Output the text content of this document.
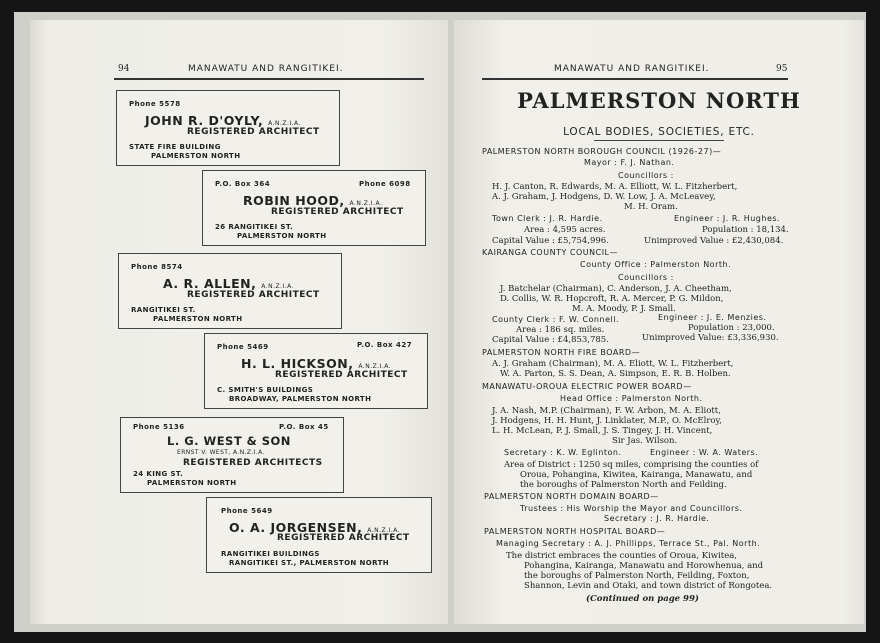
94	MANAWATU AND RANGITIKEI.
Phone 5578
JOHN R. D'OYLY, A.N.Z.I.A.
REGISTERED ARCHITECT
STATE FIRE BUILDING
PALMERSTON NORTH
P.O. Box 364	Phone 6098
ROBIN HOOD, A.N.Z.I.A.
REGISTERED ARCHITECT
26 RANGITIKEI ST.
PALMERSTON NORTH
Phone 8574
A. R. ALLEN, A.N.Z.I.A.
REGISTERED ARCHITECT
RANGITIKEI ST.
PALMERSTON NORTH
Phone 5469	P.O. Box 427
H. L. HICKSON, A.N.Z.I.A.
REGISTERED ARCHITECT
C. SMITH'S BUILDINGS
BROADWAY, PALMERSTON NORTH
Phone 5136	P.O. Box 45
L. G. WEST & SON
ERNST V. WEST, A.N.Z.I.A.
REGISTERED ARCHITECTS
24 KING ST.
PALMERSTON NORTH
Phone 5649
O. A. JORGENSEN, A.N.Z.I.A.
REGISTERED ARCHITECT
RANGITIKEI BUILDINGS
RANGITIKEI ST., PALMERSTON NORTH
MANAWATU AND RANGITIKEI.	95
PALMERSTON NORTH
LOCAL BODIES, SOCIETIES, ETC.
PALMERSTON NORTH BOROUGH COUNCIL (1926-27)—
Mayor : F. J. Nathan.
Councillors :
H. J. Canton, R. Edwards, M. A. Elliott, W. L. Fitzherbert,
A. J. Graham, J. Hodgens, D. W. Low, J. A. McLeavey,
M. H. Oram.
Town Clerk : J. R. Hardie.	Engineer : J. R. Hughes.
Area : 4,595 acres.	Population : 18,134.
Capital Value : £5,754,996.	Unimproved Value : £2,430,084.
KAIRANGA COUNTY COUNCIL—
County Office : Palmerston North.
Councillors :
J. Batchelar (Chairman), C. Anderson, J. A. Cheetham,
D. Collis, W. R. Hopcroft, R. A. Mercer, P. G. Mildon,
M. A. Moody, P. J. Small.
County Clerk : F. W. Connell.	Engineer : J. E. Menzies.
Area : 186 sq. miles.	Population : 23,000.
Capital Value : £4,853,785.	Unimproved Value: £3,336,930.
PALMERSTON NORTH FIRE BOARD—
A. J. Graham (Chairman), M. A. Eliott, W. L. Fitzherbert,
W. A. Parton, S. S. Dean, A. Simpson, E. R. B. Holben.
MANAWATU-OROUA ELECTRIC POWER BOARD—
Head Office : Palmerston North.
J. A. Nash, M.P. (Chairman), F. W. Arbon, M. A. Eliott,
J. Hodgens, H. H. Hunt, J. Linklater, M.P., O. McElroy,
L. H. McLean, P. J. Small, J. S. Tingey, J. H. Vincent,
Sir Jas. Wilson.
Secretary : K. W. Eglinton.	Engineer : W. A. Waters.
Area of District : 1250 sq miles, comprising the counties of
Oroua, Pohangina, Kiwitea, Kairanga, Manawatu, and
the boroughs of Palmerston North and Feilding.
PALMERSTON NORTH DOMAIN BOARD—
Trustees : His Worship the Mayor and Councillors.
Secretary : J. R. Hardie.
PALMERSTON NORTH HOSPITAL BOARD—
Managing Secretary : A. J. Phillipps, Terrace St., Pal. North.
The district embraces the counties of Oroua, Kiwitea,
Pohangina, Kairanga, Manawatu and Horowhenua, and
the boroughs of Palmerston North, Feilding, Foxton,
Shannon, Levin and Otaki, and town district of Rongotea.
(Continued on page 99)
